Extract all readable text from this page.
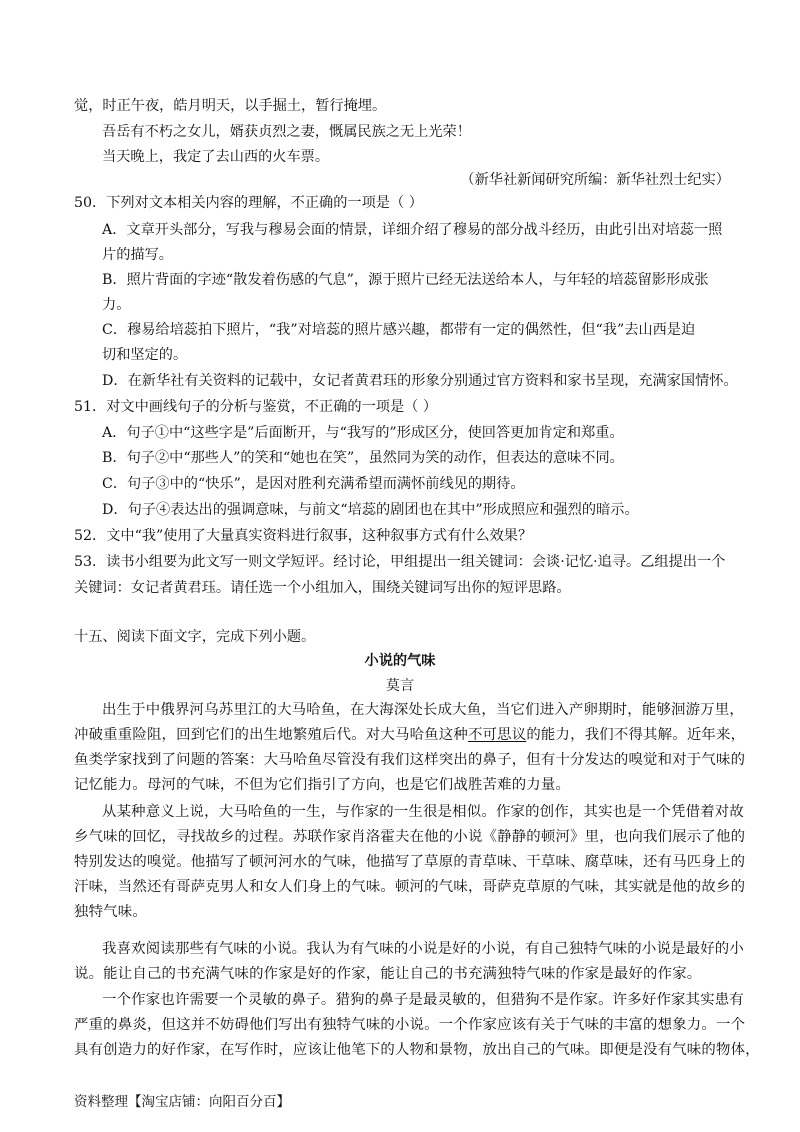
觉，时正午夜，皓月明天，以手掘土，暂行掩埋。
吾岳有不朽之女儿，婿获贞烈之妻，慨属民族之无上光荣！
当天晚上，我定了去山西的火车票。
（新华社新闻研究所编：新华社烈士纪实）
50．下列对文本相关内容的理解，不正确的一项是（ ）
A．文章开头部分，写我与穆易会面的情景，详细介绍了穆易的部分战斗经历，由此引出对培蕊一照
片的描写。
B．照片背面的字迹“散发着伤感的气息”，源于照片已经无法送给本人，与年轻的培蕊留影形成张
力。
C．穆易给培蕊拍下照片，“我”对培蕊的照片感兴趣，都带有一定的偶然性，但“我”去山西是迫
切和坚定的。
D．在新华社有关资料的记载中，女记者黄君珏的形象分别通过官方资料和家书呈现，充满家国情怀。
51．对文中画线句子的分析与鉴赏，不正确的一项是（ ）
A．句子①中“这些字是”后面断开，与“我写的”形成区分，使回答更加肯定和郑重。
B．句子②中“那些人”的笑和“她也在笑”，虽然同为笑的动作，但表达的意味不同。
C．句子③中的“快乐”，是因对胜利充满希望而满怀前线见的期待。
D．句子④表达出的强调意味，与前文“培蕊的剧团也在其中”形成照应和强烈的暗示。
52．文中“我”使用了大量真实资料进行叙事，这种叙事方式有什么效果？
53．读书小组要为此文写一则文学短评。经讨论，甲组提出一组关键词：会谈·记忆·追寻。乙组提出一个
关键词：女记者黄君珏。请任选一个小组加入，围绕关键词写出你的短评思路。
十五、阅读下面文字，完成下列小题。
小说的气味
莫言
出生于中俄界河乌苏里江的大马哈鱼，在大海深处长成大鱼，当它们进入产卵期时，能够洄游万里，
冲破重重险阻，回到它们的出生地繁殖后代。对大马哈鱼这种不可思议的能力，我们不得其解。近年来，
鱼类学家找到了问题的答案：大马哈鱼尽管没有我们这样突出的鼻子，但有十分发达的嗅觉和对于气味的
记忆能力。母河的气味，不但为它们指引了方向，也是它们战胜苦难的力量。
从某种意义上说，大马哈鱼的一生，与作家的一生很是相似。作家的创作，其实也是一个凭借着对故
乡气味的回忆，寻找故乡的过程。苏联作家肖洛霍夫在他的小说《静静的顿河》里，也向我们展示了他的
特别发达的嗅觉。他描写了顿河河水的气味，他描写了草原的青草味、干草味、腐草味，还有马匹身上的
汗味，当然还有哥萨克男人和女人们身上的气味。顿河的气味，哥萨克草原的气味，其实就是他的故乡的
独特气味。
我喜欢阅读那些有气味的小说。我认为有气味的小说是好的小说，有自己独特气味的小说是最好的小
说。能让自己的书充满气味的作家是好的作家，能让自己的书充满独特气味的作家是最好的作家。
一个作家也许需要一个灵敏的鼻子。猎狗的鼻子是最灵敏的，但猎狗不是作家。许多好作家其实患有
严重的鼻炎，但这并不妨碍他们写出有独特气味的小说。一个作家应该有关于气味的丰富的想象力。一个
具有创造力的好作家，在写作时，应该让他笔下的人物和景物，放出自己的气味。即便是没有气味的物体，
资料整理【淘宝店铺：向阳百分百】
